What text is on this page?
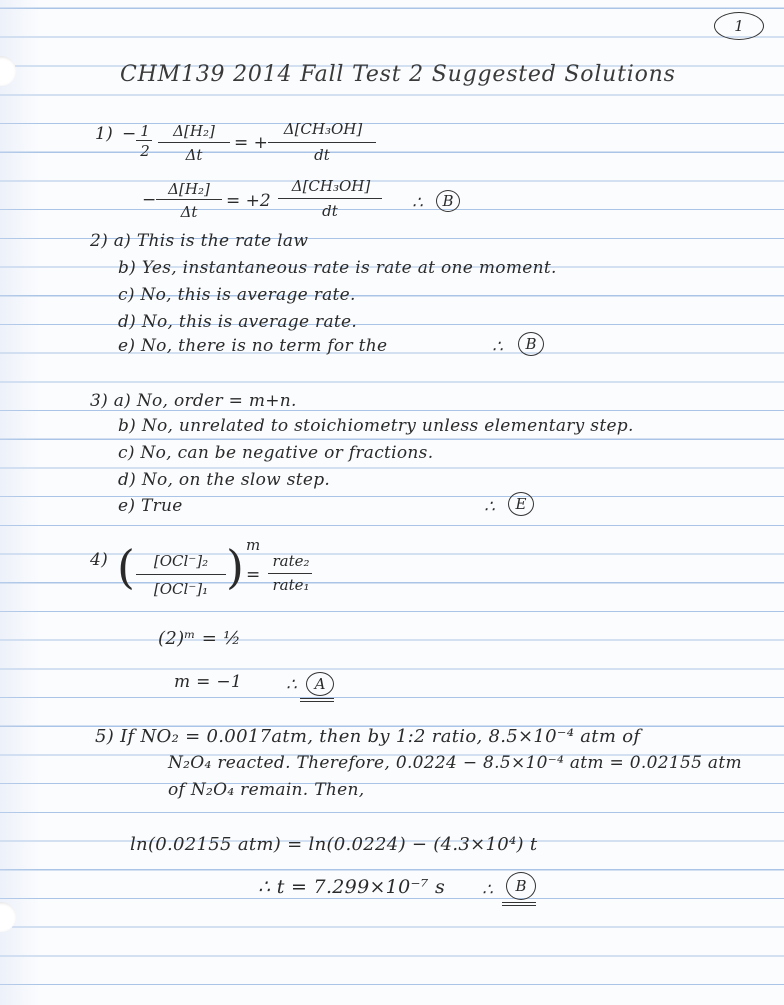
1
CHM139 2014 Fall Test 2 Suggested Solutions
1) − 1
2
Δ[H₂]
Δt
= +
Δ[CH₃OH]
dt
−
Δ[H₂]
Δt
= +2
Δ[CH₃OH]
dt	∴	B
2) a) This is the rate law
b) Yes, instantaneous rate is rate at one moment.
c) No, this is average rate.
d) No, this is average rate.
e) No, there is no term for the	∴	B
3) a) No, order = m+n.
b) No, unrelated to stoichiometry unless elementary step.
c) No, can be negative or fractions.
d) No, on the slow step.
e) True	∴	E
4) (	[OCl⁻]₂
[OCl⁻]₁ ) m
=
rate₂
rate₁
(2)ᵐ = ½
m = −1	∴	A
5) If NO₂ = 0.0017atm, then by 1:2 ratio, 8.5×10⁻⁴ atm of
N₂O₄ reacted. Therefore, 0.0224 − 8.5×10⁻⁴ atm = 0.02155 atm
of N₂O₄ remain. Then,
ln(0.02155 atm) = ln(0.0224) − (4.3×10⁴) t
∴ t = 7.299×10⁻⁷ s ∴	B
